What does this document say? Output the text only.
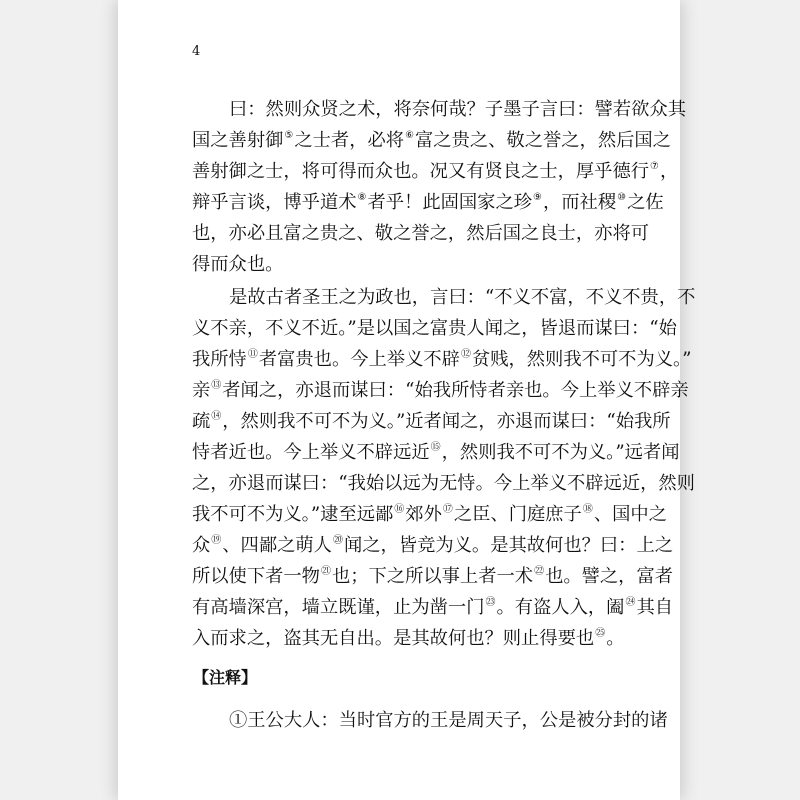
4
曰：然则众贤之术，将奈何哉？子墨子言曰：譬若欲众其
国之善射御⑤之士者，必将⑥富之贵之、敬之誉之，然后国之
善射御之士，将可得而众也。况又有贤良之士，厚乎德行⑦，
辩乎言谈，博乎道术⑧者乎！此固国家之珍⑨，而社稷⑩之佐
也，亦必且富之贵之、敬之誉之，然后国之良士，亦将可
得而众也。
是故古者圣王之为政也，言曰：“不义不富，不义不贵，不
义不亲，不义不近。”是以国之富贵人闻之，皆退而谋曰：“始
我所恃⑪者富贵也。今上举义不辟⑫贫贱，然则我不可不为义。”
亲⑬者闻之，亦退而谋曰：“始我所恃者亲也。今上举义不辟亲
疏⑭，然则我不可不为义。”近者闻之，亦退而谋曰：“始我所
恃者近也。今上举义不辟远近⑮，然则我不可不为义。”远者闻
之，亦退而谋曰：“我始以远为无恃。今上举义不辟远近，然则
我不可不为义。”逮至远鄙⑯郊外⑰之臣、门庭庶子⑱、国中之
众⑲、四鄙之萌人⑳闻之，皆竞为义。是其故何也？曰：上之
所以使下者一物㉑也；下之所以事上者一术㉒也。譬之，富者
有高墙深宫，墙立既谨，止为凿一门㉓。有盗人入，阖㉔其自
入而求之，盗其无自出。是其故何也？则止得要也㉕。
【注释】
①王公大人：当时官方的王是周天子，公是被分封的诸
